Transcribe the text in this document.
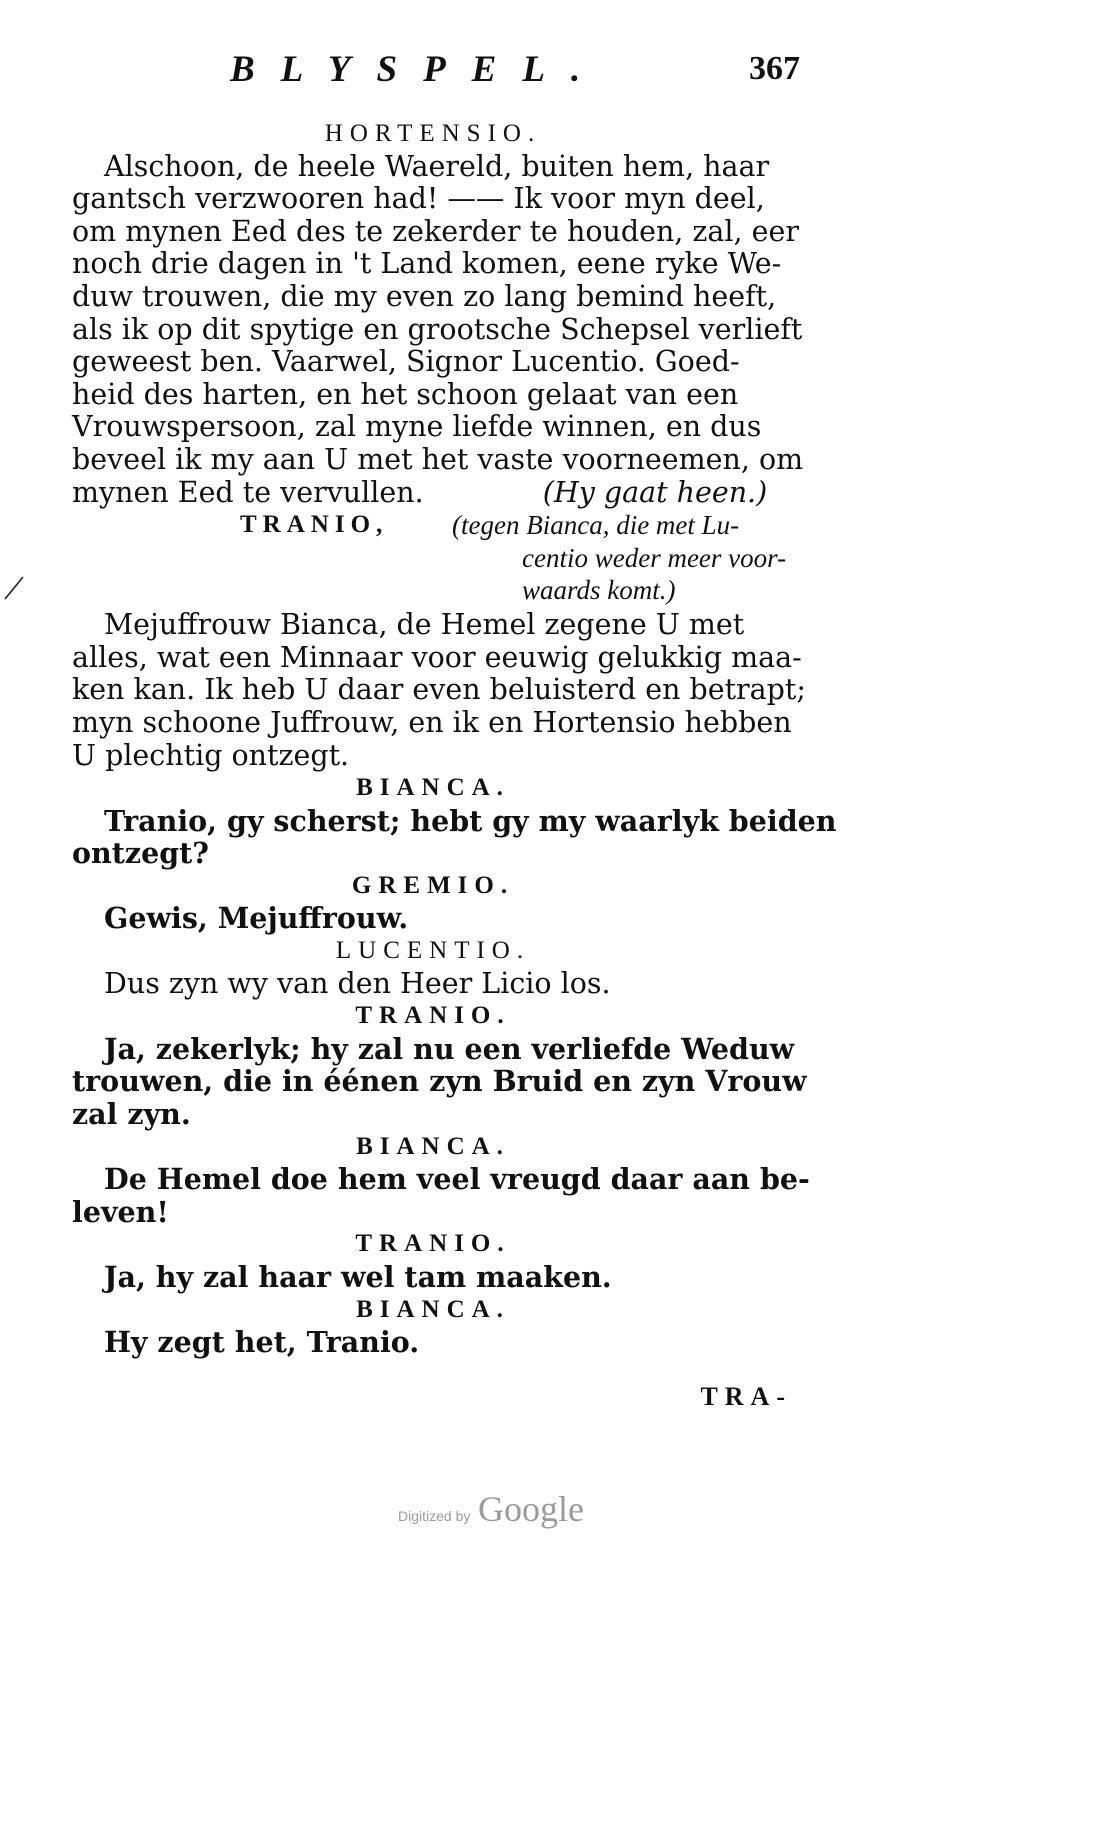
BLYSPEL.	367
HORTENSIO.
Alschoon, de heele Waereld, buiten hem, haar
gantsch verzwooren had! —— Ik voor myn deel,
om mynen Eed des te zekerder te houden, zal, eer
noch drie dagen in 't Land komen, eene ryke We-
duw trouwen, die my even zo lang bemind heeft,
als ik op dit spytige en grootsche Schepsel verlieft
geweest ben. Vaarwel, Signor Lucentio. Goed-
heid des harten, en het schoon gelaat van een
Vrouwspersoon, zal myne liefde winnen, en dus
beveel ik my aan U met het vaste voorneemen, om
mynen Eed te vervullen.	(Hy gaat heen.)
TRANIO, (tegen Bianca, die met Lu-
centio weder meer voor-
waards komt.)
Mejuffrouw Bianca, de Hemel zegene U met
alles, wat een Minnaar voor eeuwig gelukkig maa-
ken kan. Ik heb U daar even beluisterd en betrapt;
myn schoone Juffrouw, en ik en Hortensio hebben
U plechtig ontzegt.
BIANCA.
Tranio, gy scherst; hebt gy my waarlyk beiden
ontzegt?
GREMIO.
Gewis, Mejuffrouw.
LUCENTIO.
Dus zyn wy van den Heer Licio los.
TRANIO.
Ja, zekerlyk; hy zal nu een verliefde Weduw
trouwen, die in éénen zyn Bruid en zyn Vrouw
zal zyn.
BIANCA.
De Hemel doe hem veel vreugd daar aan be-
leven!
TRANIO.
Ja, hy zal haar wel tam maaken.
BIANCA.
Hy zegt het, Tranio.
TRA-
Digitized by Google
